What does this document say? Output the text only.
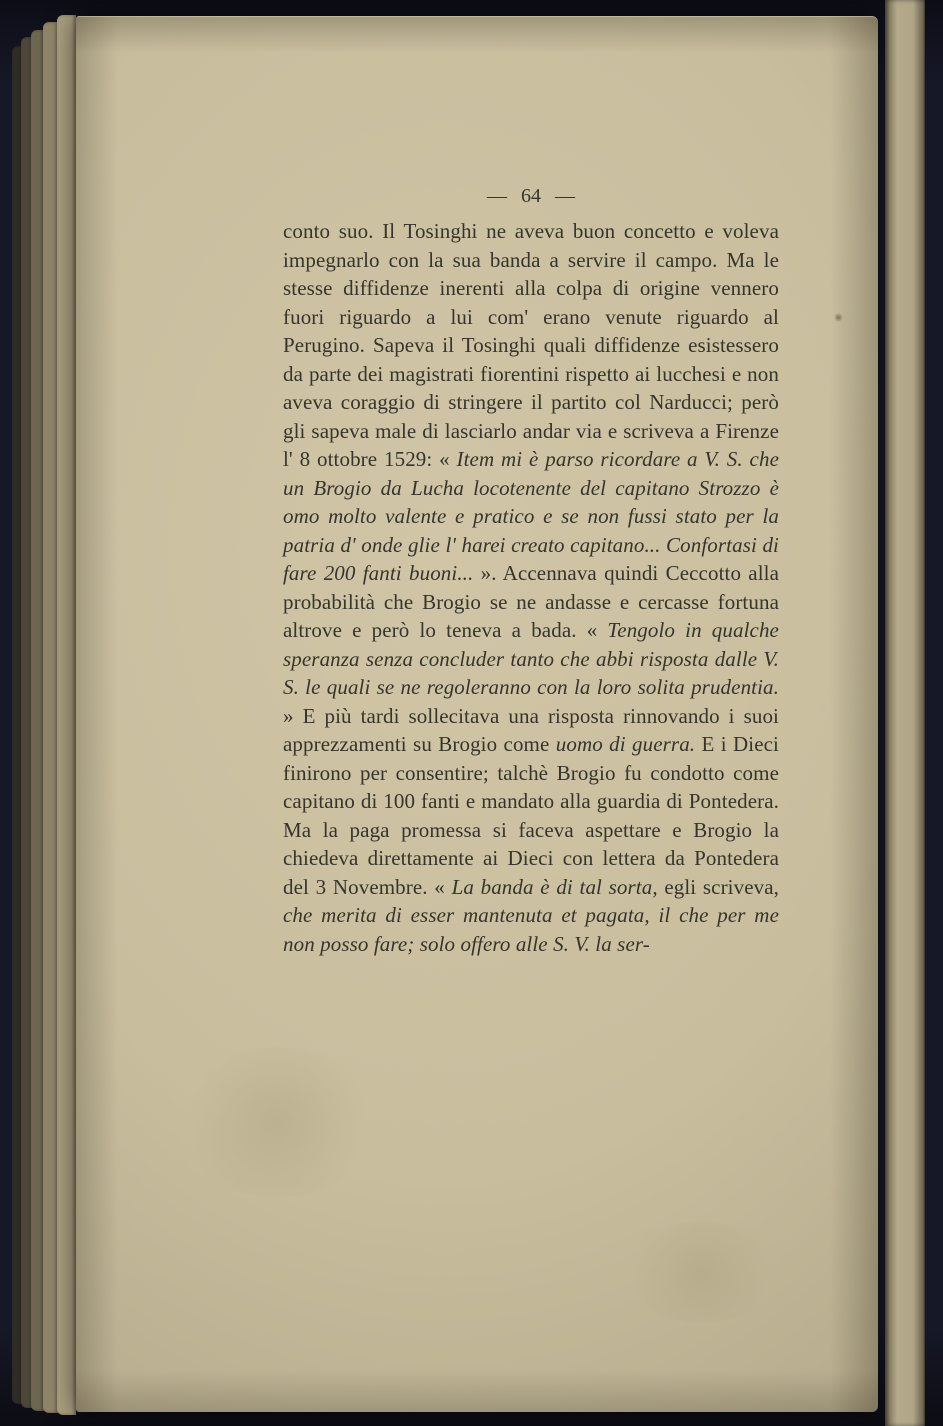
— 64 —

conto suo. Il Tosinghi ne aveva buon concetto e voleva impegnarlo con la sua banda a servire il campo. Ma le stesse diffidenze inerenti alla colpa di origine vennero fuori riguardo a lui com' erano venute riguardo al Perugino. Sapeva il Tosinghi quali diffidenze esistessero da parte dei magistrati fiorentini rispetto ai lucchesi e non aveva coraggio di stringere il partito col Narducci; però gli sapeva male di lasciarlo andar via e scriveva a Firenze l' 8 ottobre 1529: « Item mi è parso ricordare a V. S. che un Brogio da Lucha locotenente del capitano Strozzo è omo molto valente e pratico e se non fussi stato per la patria d' onde glie l' harei creato capitano... Confortasi di fare 200 fanti buoni... ». Accennava quindi Ceccotto alla probabilità che Brogio se ne andasse e cercasse fortuna altrove e però lo teneva a bada. « Tengolo in qualche speranza senza concluder tanto che abbi risposta dalle V. S. le quali se ne regoleranno con la loro solita prudentia. » E più tardi sollecitava una risposta rinnovando i suoi apprezzamenti su Brogio come uomo di guerra. E i Dieci finirono per consentire; talchè Brogio fu condotto come capitano di 100 fanti e mandato alla guardia di Pontedera. Ma la paga promessa si faceva aspettare e Brogio la chiedeva direttamente ai Dieci con lettera da Pontedera del 3 Novembre. « La banda è di tal sorta, egli scriveva, che merita di esser mantenuta et pagata, il che per me non posso fare; solo offero alle S. V. la ser-
